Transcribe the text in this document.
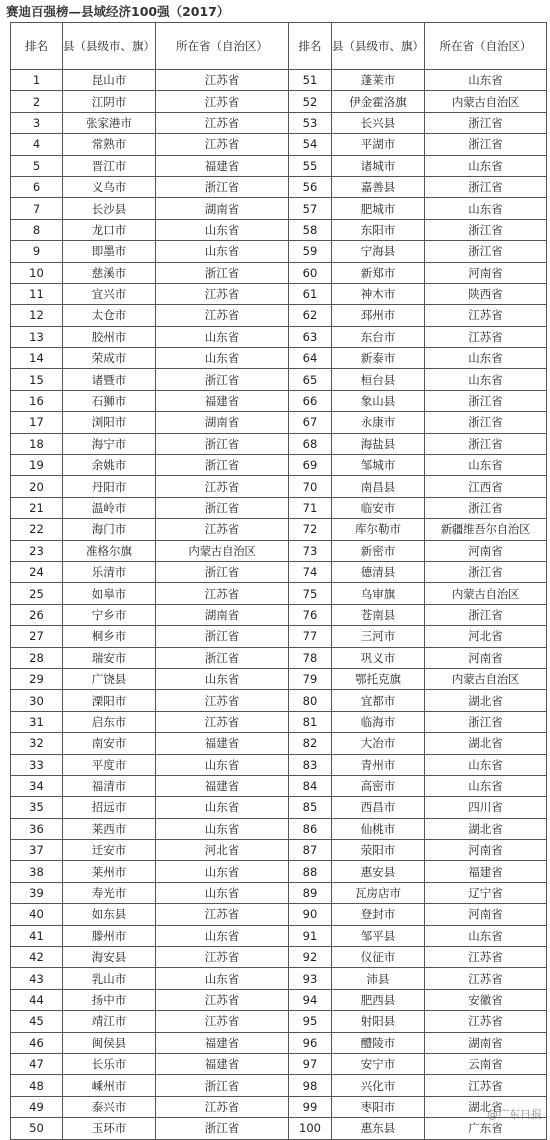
赛迪百强榜—县域经济100强（2017）
排名	县（县级市、旗）	所在省（自治区）	排名	县（县级市、旗）	所在省（自治区）
1	昆山市	江苏省	51	蓬莱市	山东省
2	江阴市	江苏省	52	伊金霍洛旗	内蒙古自治区
3	张家港市	江苏省	53	长兴县	浙江省
4	常熟市	江苏省	54	平湖市	浙江省
5	晋江市	福建省	55	诸城市	山东省
6	义乌市	浙江省	56	嘉善县	浙江省
7	长沙县	湖南省	57	肥城市	山东省
8	龙口市	山东省	58	东阳市	浙江省
9	即墨市	山东省	59	宁海县	浙江省
10	慈溪市	浙江省	60	新郑市	河南省
11	宜兴市	江苏省	61	神木市	陕西省
12	太仓市	江苏省	62	邳州市	江苏省
13	胶州市	山东省	63	东台市	江苏省
14	荣成市	山东省	64	新泰市	山东省
15	诸暨市	浙江省	65	桓台县	山东省
16	石狮市	福建省	66	象山县	浙江省
17	浏阳市	湖南省	67	永康市	浙江省
18	海宁市	浙江省	68	海盐县	浙江省
19	余姚市	浙江省	69	邹城市	山东省
20	丹阳市	江苏省	70	南昌县	江西省
21	温岭市	浙江省	71	临安市	浙江省
22	海门市	江苏省	72	库尔勒市	新疆维吾尔自治区
23	准格尔旗	内蒙古自治区	73	新密市	河南省
24	乐清市	浙江省	74	德清县	浙江省
25	如皋市	江苏省	75	乌审旗	内蒙古自治区
26	宁乡市	湖南省	76	苍南县	浙江省
27	桐乡市	浙江省	77	三河市	河北省
28	瑞安市	浙江省	78	巩义市	河南省
29	广饶县	山东省	79	鄂托克旗	内蒙古自治区
30	溧阳市	江苏省	80	宜都市	湖北省
31	启东市	江苏省	81	临海市	浙江省
32	南安市	福建省	82	大冶市	湖北省
33	平度市	山东省	83	青州市	山东省
34	福清市	福建省	84	高密市	山东省
35	招远市	山东省	85	西昌市	四川省
36	莱西市	山东省	86	仙桃市	湖北省
37	迁安市	河北省	87	荥阳市	河南省
38	莱州市	山东省	88	惠安县	福建省
39	寿光市	山东省	89	瓦房店市	辽宁省
40	如东县	江苏省	90	登封市	河南省
41	滕州市	山东省	91	邹平县	山东省
42	海安县	江苏省	92	仪征市	江苏省
43	乳山市	山东省	93	沛县	江苏省
44	扬中市	江苏省	94	肥西县	安徽省
45	靖江市	江苏省	95	射阳县	江苏省
46	闽侯县	福建省	96	醴陵市	湖南省
47	长乐市	福建省	97	安宁市	云南省
48	嵊州市	浙江省	98	兴化市	江苏省
49	泰兴市	江苏省	99	枣阳市	湖北省
50	玉环市	浙江省	100	惠东县	广东省
@广东日报
